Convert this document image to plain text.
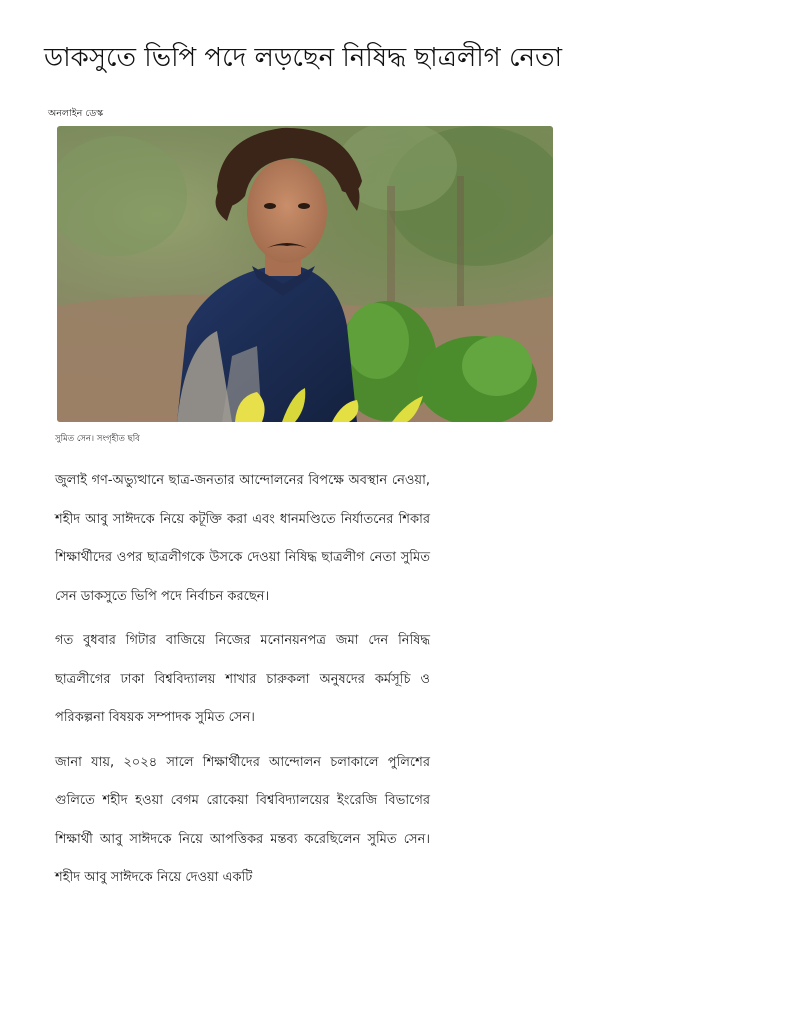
ডাকসুতে ভিপি পদে লড়ছেন নিষিদ্ধ ছাত্রলীগ নেতা
অনলাইন ডেস্ক
সুমিত সেন। সংগৃহীত ছবি

জুলাই গণ-অভ্যুত্থানে ছাত্র-জনতার আন্দোলনের বিপক্ষে অবস্থান নেওয়া, শহীদ আবু সাঈদকে নিয়ে কটূক্তি করা এবং ধানমণ্ডিতে নির্যাতনের শিকার শিক্ষার্থীদের ওপর ছাত্রলীগকে উসকে দেওয়া নিষিদ্ধ ছাত্রলীগ নেতা সুমিত সেন ডাকসুতে ভিপি পদে নির্বাচন করছেন।

গত বুধবার গিটার বাজিয়ে নিজের মনোনয়নপত্র জমা দেন নিষিদ্ধ ছাত্রলীগের ঢাকা বিশ্ববিদ্যালয় শাখার চারুকলা অনুষদের কর্মসূচি ও পরিকল্পনা বিষয়ক সম্পাদক সুমিত সেন।

জানা যায়, ২০২৪ সালে শিক্ষার্থীদের আন্দোলন চলাকালে পুলিশের গুলিতে শহীদ হওয়া বেগম রোকেয়া বিশ্ববিদ্যালয়ের ইংরেজি বিভাগের শিক্ষার্থী আবু সাঈদকে নিয়ে আপত্তিকর মন্তব্য করেছিলেন সুমিত সেন। শহীদ আবু সাঈদকে নিয়ে দেওয়া একটি
